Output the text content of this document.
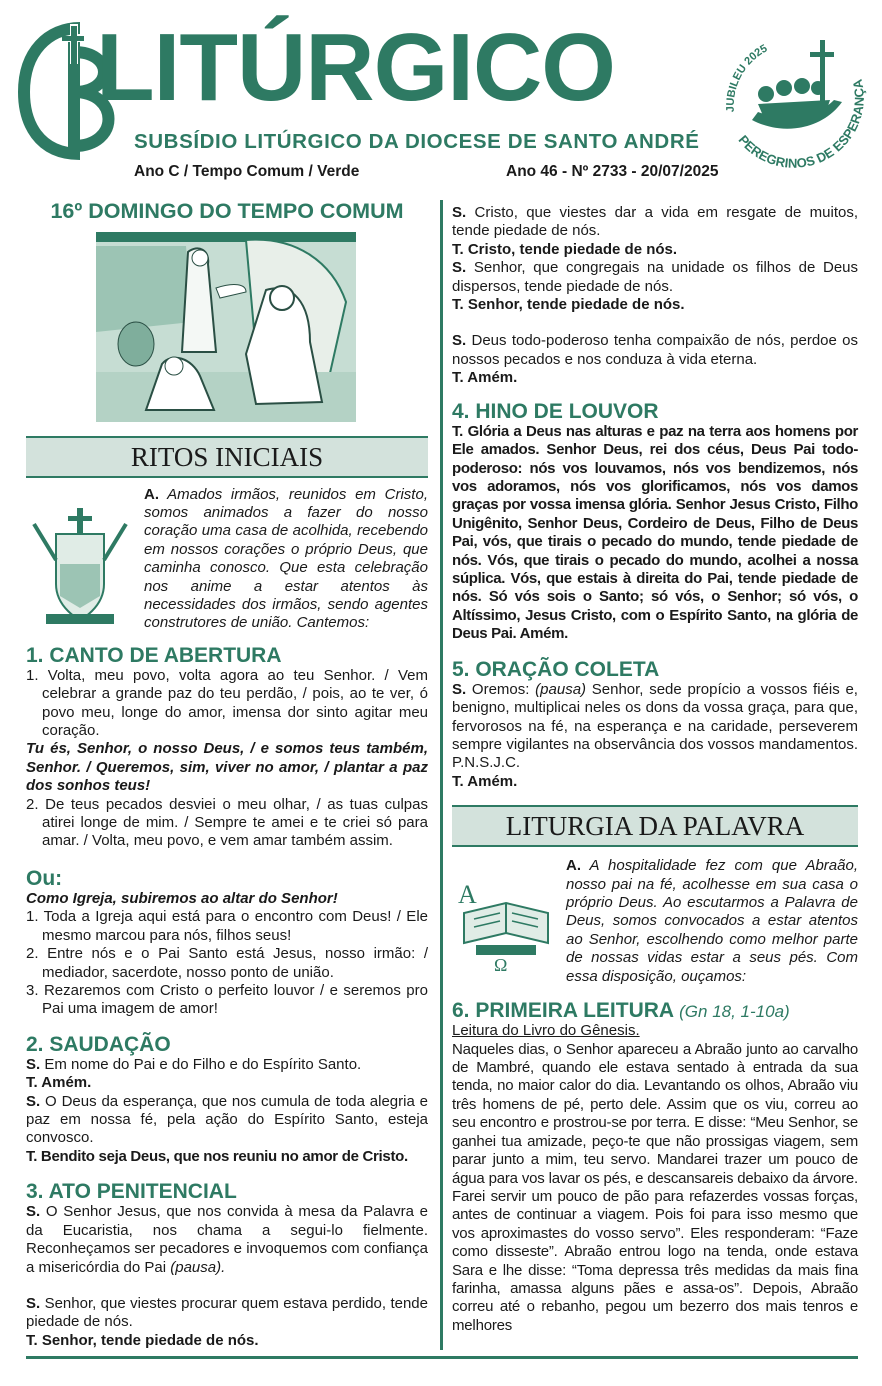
LITÚRGICO
SUBSÍDIO LITÚRGICO DA DIOCESE DE SANTO ANDRÉ
Ano C / Tempo Comum / Verde	Ano 46 - Nº 2733 - 20/07/2025
JUBILEU 2025
PEREGRINOS DE ESPERANÇA
16º DOMINGO DO TEMPO COMUM
RITOS INICIAIS

A. Amados irmãos, reunidos em Cristo, somos animados a fazer do nosso coração uma casa de acolhida, recebendo em nossos corações o próprio Deus, que caminha conosco. Que esta celebração nos anime a estar atentos às necessidades dos irmãos, sendo agentes construtores de união. Cantemos:

1. CANTO DE ABERTURA

1. Volta, meu povo, volta agora ao teu Senhor. / Vem celebrar a grande paz do teu perdão, / pois, ao te ver, ó povo meu, longe do amor, imensa dor sinto agitar meu coração.

Tu és, Senhor, o nosso Deus, / e somos teus também, Senhor. / Queremos, sim, viver no amor, / plantar a paz dos sonhos teus!

2. De teus pecados desviei o meu olhar, / as tuas culpas atirei longe de mim. / Sempre te amei e te criei só para amar. / Volta, meu povo, e vem amar também assim.

Ou:

Como Igreja, subiremos ao altar do Senhor!

1. Toda a Igreja aqui está para o encontro com Deus! / Ele mesmo marcou para nós, filhos seus!

2. Entre nós e o Pai Santo está Jesus, nosso irmão: / mediador, sacerdote, nosso ponto de união.

3. Rezaremos com Cristo o perfeito louvor / e seremos pro Pai uma imagem de amor!

2. SAUDAÇÃO

S. Em nome do Pai e do Filho e do Espírito Santo.

T. Amém.

S. O Deus da esperança, que nos cumula de toda alegria e paz em nossa fé, pela ação do Espírito Santo, esteja convosco.

T. Bendito seja Deus, que nos reuniu no amor de Cristo.

3. ATO PENITENCIAL

S. O Senhor Jesus, que nos convida à mesa da Palavra e da Eucaristia, nos chama a segui-lo fielmente. Reconheçamos ser pecadores e invoquemos com confiança a misericórdia do Pai (pausa).

S. Senhor, que viestes procurar quem estava perdido, tende piedade de nós.

T. Senhor, tende piedade de nós.

S. Cristo, que viestes dar a vida em resgate de muitos, tende piedade de nós.

T. Cristo, tende piedade de nós.

S. Senhor, que congregais na unidade os filhos de Deus dispersos, tende piedade de nós.

T. Senhor, tende piedade de nós.

S. Deus todo-poderoso tenha compaixão de nós, perdoe os nossos pecados e nos conduza à vida eterna.

T. Amém.

4. HINO DE LOUVOR

T. Glória a Deus nas alturas e paz na terra aos homens por Ele amados. Senhor Deus, rei dos céus, Deus Pai todo-poderoso: nós vos louvamos, nós vos bendizemos, nós vos adoramos, nós vos glorificamos, nós vos damos graças por vossa imensa glória. Senhor Jesus Cristo, Filho Unigênito, Senhor Deus, Cordeiro de Deus, Filho de Deus Pai, vós, que tirais o pecado do mundo, tende piedade de nós. Vós, que tirais o pecado do mundo, acolhei a nossa súplica. Vós, que estais à direita do Pai, tende piedade de nós. Só vós sois o Santo; só vós, o Senhor; só vós, o Altíssimo, Jesus Cristo, com o Espírito Santo, na glória de Deus Pai. Amém.

5. ORAÇÃO COLETA

S. Oremos: (pausa) Senhor, sede propício a vossos fiéis e, benigno, multiplicai neles os dons da vossa graça, para que, fervorosos na fé, na esperança e na caridade, perseverem sempre vigilantes na observância dos vossos mandamentos. P.N.S.J.C.

T. Amém.

LITURGIA DA PALAVRA
A
Ω

A. A hospitalidade fez com que Abraão, nosso pai na fé, acolhesse em sua casa o próprio Deus. Ao escutarmos a Palavra de Deus, somos convocados a estar atentos ao Senhor, escolhendo como melhor parte de nossas vidas estar a seus pés. Com essa disposição, ouçamos:

6. PRIMEIRA LEITURA (Gn 18, 1-10a)

Leitura do Livro do Gênesis.

Naqueles dias, o Senhor apareceu a Abraão junto ao carvalho de Mambré, quando ele estava sentado à entrada da sua tenda, no maior calor do dia. Levantando os olhos, Abraão viu três homens de pé, perto dele. Assim que os viu, correu ao seu encontro e prostrou-se por terra. E disse: “Meu Senhor, se ganhei tua amizade, peço-te que não prossigas viagem, sem parar junto a mim, teu servo. Mandarei trazer um pouco de água para vos lavar os pés, e descansareis debaixo da árvore. Farei servir um pouco de pão para refazerdes vossas forças, antes de continuar a viagem. Pois foi para isso mesmo que vos aproximastes do vosso servo”. Eles responderam: “Faze como disseste”. Abraão entrou logo na tenda, onde estava Sara e lhe disse: “Toma depressa três medidas da mais fina farinha, amassa alguns pães e assa-os”. Depois, Abraão correu até o rebanho, pegou um bezerro dos mais tenros e melhores
